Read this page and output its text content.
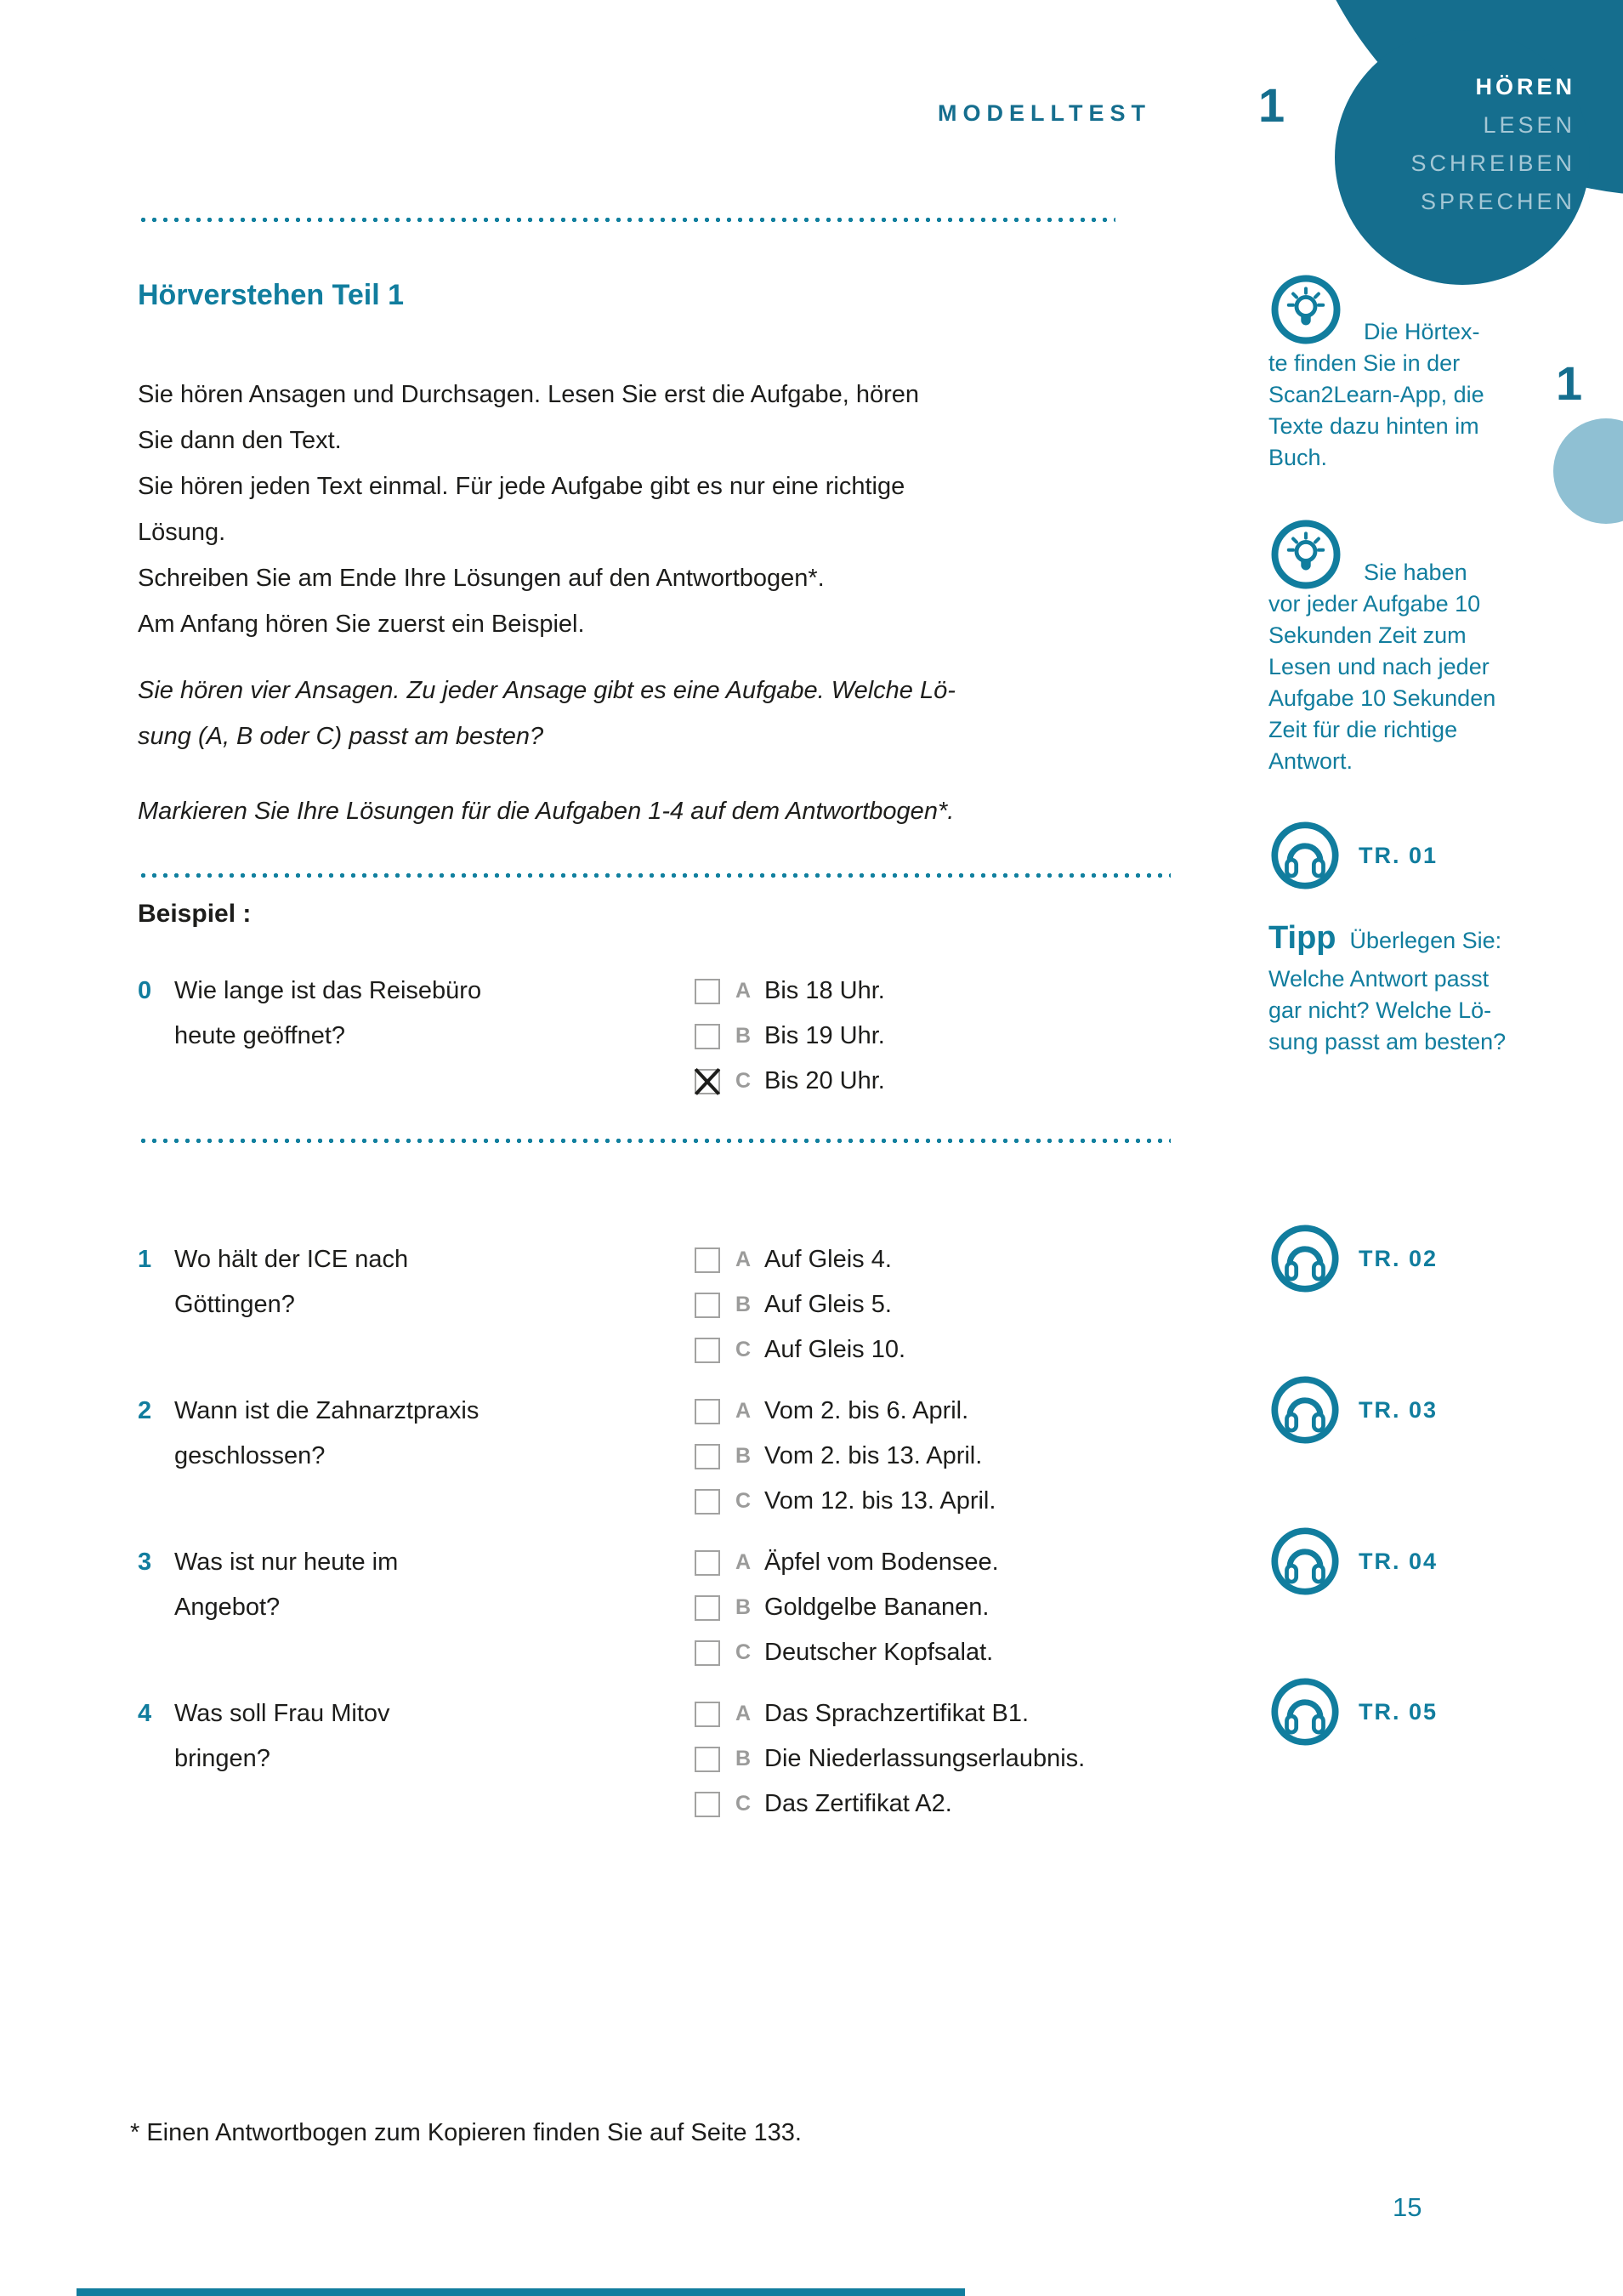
MODELLTEST 1	HÖREN
LESEN
SCHREIBEN
SPRECHEN
1
Hörverstehen Teil 1
Sie hören Ansagen und Durchsagen. Lesen Sie erst die Aufgabe, hören
Sie dann den Text.
Sie hören jeden Text einmal. Für jede Aufgabe gibt es nur eine richtige
Lösung.
Schreiben Sie am Ende Ihre Lösungen auf den Antwortbogen*.
Am Anfang hören Sie zuerst ein Beispiel.
Sie hören vier Ansagen. Zu jeder Ansage gibt es eine Aufgabe. Welche Lö-
sung (A, B oder C) passt am besten?
Markieren Sie Ihre Lösungen für die Aufgaben 1-4 auf dem Antwortbogen*.
Beispiel :
0 Wie lange ist das Reisebüro
heute geöffnet?
A Bis 18 Uhr.
B Bis 19 Uhr.
C Bis 20 Uhr.
1 Wo hält der ICE nach
Göttingen?
A Auf Gleis 4.
B Auf Gleis 5.
C Auf Gleis 10.
2 Wann ist die Zahnarztpraxis
geschlossen?
A Vom 2. bis 6. April.
B Vom 2. bis 13. April.
C Vom 12. bis 13. April.
3 Was ist nur heute im
Angebot?
A Äpfel vom Bodensee.
B Goldgelbe Bananen.
C Deutscher Kopfsalat.
4 Was soll Frau Mitov
bringen?
A Das Sprachzertifikat B1.
B Die Niederlassungserlaubnis.
C Das Zertifikat A2.
Die Hörtex-
te finden Sie in der
Scan2Learn-App, die
Texte dazu hinten im
Buch.
Sie haben
vor jeder Aufgabe 10
Sekunden Zeit zum
Lesen und nach jeder
Aufgabe 10 Sekunden
Zeit für die richtige
Antwort.
TR. 01
Tipp Überlegen Sie:
Welche Antwort passt
gar nicht? Welche Lö-
sung passt am besten?
TR. 02
TR. 03
TR. 04
TR. 05
* Einen Antwortbogen zum Kopieren finden Sie auf Seite 133.
15
